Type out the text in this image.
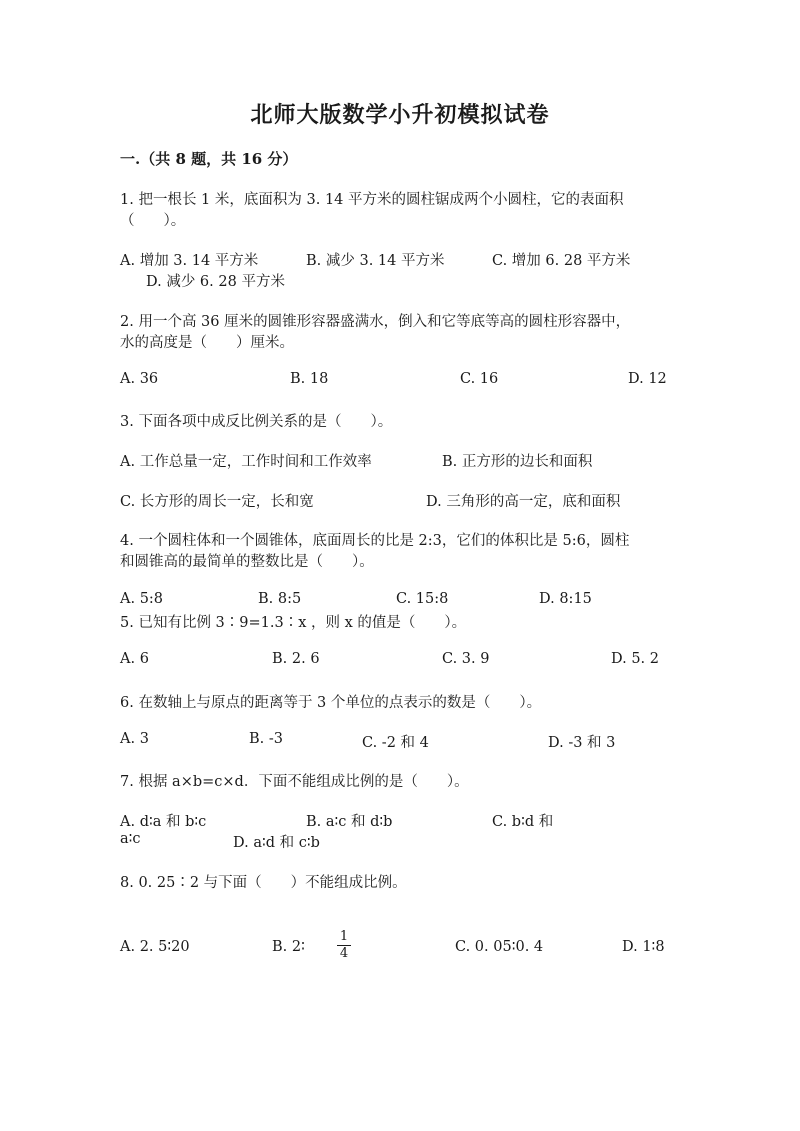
北师大版数学小升初模拟试卷
一.（共 8 题，共 16 分）
1. 把一根长 1 米，底面积为 3. 14 平方米的圆柱锯成两个小圆柱，它的表面积
（　　）。
A. 增加 3. 14 平方米	B. 减少 3. 14 平方米	C. 增加 6. 28 平方米
D. 减少 6. 28 平方米
2. 用一个高 36 厘米的圆锥形容器盛满水，倒入和它等底等高的圆柱形容器中，
水的高度是（　　）厘米。
A. 36	B. 18	C. 16	D. 12
3. 下面各项中成反比例关系的是（　　）。
A. 工作总量一定，工作时间和工作效率	B. 正方形的边长和面积
C. 长方形的周长一定，长和宽	D. 三角形的高一定，底和面积
4. 一个圆柱体和一个圆锥体，底面周长的比是 2:3，它们的体积比是 5:6，圆柱
和圆锥高的最简单的整数比是（　　）。
A. 5:8	B. 8:5	C. 15:8	D. 8:15
5. 已知有比例 3∶9=1.3∶x ，则 x 的值是（　　）。
A. 6	B. 2. 6	C. 3. 9	D. 5. 2
6. 在数轴上与原点的距离等于 3 个单位的点表示的数是（　　）。
A. 3	B. -3	C. -2 和 4	D. -3 和 3
7. 根据 a×b=c×d．下面不能组成比例的是（　　）。
A. d∶a 和 b∶c	B. a∶c 和 d∶b	C. b∶d 和
a∶c	D. a∶d 和 c∶b
8. 0. 25∶2 与下面（　　）不能组成比例。
A. 2. 5∶20	B. 2∶
1
4	C. 0. 05∶0. 4	D. 1∶8
